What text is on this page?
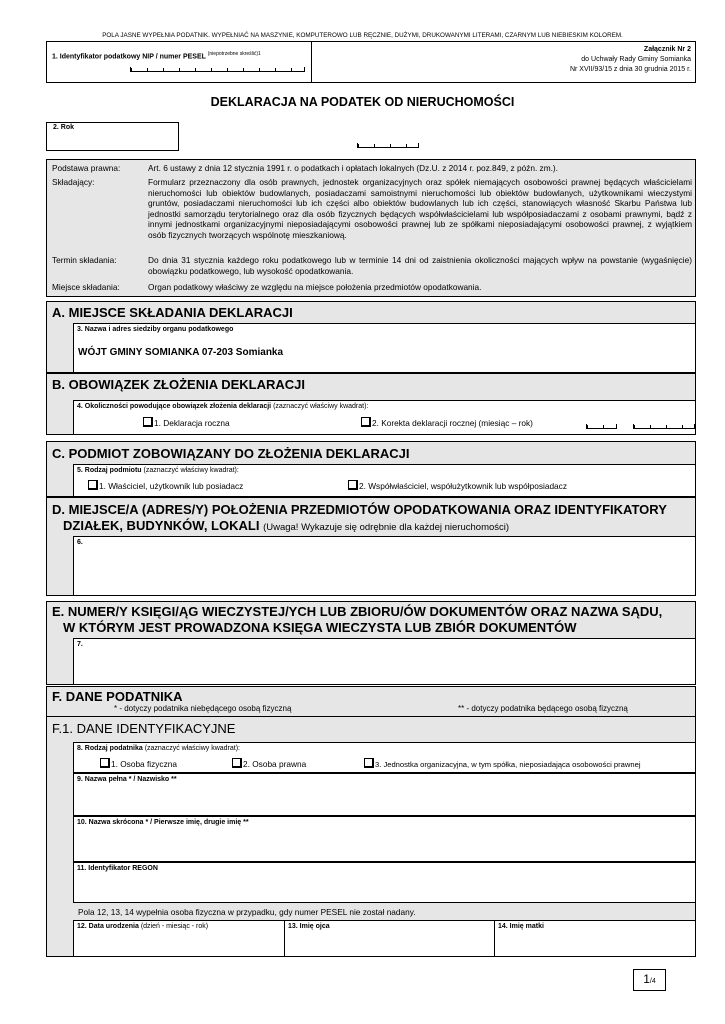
POLA JASNE WYPEŁNIA PODATNIK. WYPEŁNIAĆ NA MASZYNIE, KOMPUTEROWO LUB RĘCZNIE, DUŻYMI, DRUKOWANYMI LITERAMI, CZARNYM LUB NIEBIESKIM KOLOREM.
1. Identyfikator podatkowy NIP / numer PESEL $^{(niepotrzebne skreślić)1}$
Załącznik Nr 2
do Uchwały Rady Gminy Somianka
Nr XVII/93/15 z dnia 30 grudnia 2015 r.
DEKLARACJA NA PODATEK OD NIERUCHOMOŚCI
2. Rok
Podstawa prawna:	Art. 6 ustawy z dnia 12 stycznia 1991 r. o podatkach i opłatach lokalnych (Dz.U. z 2014 r. poz.849, z późn. zm.).
Składający:	Formularz przeznaczony dla osób prawnych, jednostek organizacyjnych oraz spółek niemających osobowości prawnej będących właścicielami nieruchomości lub obiektów budowlanych, posiadaczami samoistnymi nieruchomości lub obiektów budowlanych, użytkownikami wieczystymi gruntów, posiadaczami nieruchomości lub ich części albo obiektów budowlanych lub ich części, stanowiących własność Skarbu Państwa lub jednostki samorządu terytorialnego oraz dla osób fizycznych będących współwłaścicielami lub współposiadaczami z osobami prawnymi, bądź z innymi jednostkami organizacyjnymi nieposiadającymi osobowości prawnej lub ze spółkami nieposiadającymi osobowości prawnej, z wyjątkiem osób fizycznych tworzących wspólnotę mieszkaniową.
Termin składania:	Do dnia 31 stycznia każdego roku podatkowego lub w terminie 14 dni od zaistnienia okoliczności mających wpływ na powstanie (wygaśnięcie) obowiązku podatkowego, lub wysokość opodatkowania.
Miejsce składania:	Organ podatkowy właściwy ze względu na miejsce położenia przedmiotów opodatkowania.
A. MIEJSCE SKŁADANIA DEKLARACJI
3. Nazwa i adres siedziby organu podatkowego
WÓJT GMINY SOMIANKA 07-203 Somianka
B. OBOWIĄZEK ZŁOŻENIA DEKLARACJI
4. Okoliczności powodujące obowiązek złożenia deklaracji (zaznaczyć właściwy kwadrat):
1. Deklaracja roczna	2. Korekta deklaracji rocznej (miesiąc – rok)
C. PODMIOT ZOBOWIĄZANY DO ZŁOŻENIA DEKLARACJI
5. Rodzaj podmiotu (zaznaczyć właściwy kwadrat):
1. Właściciel, użytkownik lub posiadacz	2. Współwłaściciel, współużytkownik lub współposiadacz
D. MIEJSCE/A (ADRES/Y) POŁOŻENIA PRZEDMIOTÓW OPODATKOWANIA ORAZ IDENTYFIKATORY
DZIAŁEK, BUDYNKÓW, LOKALI (Uwaga! Wykazuje się odrębnie dla każdej nieruchomości)
6.
E. NUMER/Y KSIĘGI/ĄG WIECZYSTEJ/YCH LUB ZBIORU/ÓW DOKUMENTÓW ORAZ NAZWA SĄDU,
W KTÓRYM JEST PROWADZONA KSIĘGA WIECZYSTA LUB ZBIÓR DOKUMENTÓW
7.
F. DANE PODATNIKA
* - dotyczy podatnika niebędącego osobą fizyczną	** - dotyczy podatnika będącego osobą fizyczną
F.1. DANE IDENTYFIKACYJNE
8. Rodzaj podatnika (zaznaczyć właściwy kwadrat):
1. Osoba fizyczna	2. Osoba prawna	3. Jednostka organizacyjna, w tym spółka, nieposiadająca osobowości prawnej
9. Nazwa pełna * / Nazwisko **
10. Nazwa skrócona * / Pierwsze imię, drugie imię **
11. Identyfikator REGON
Pola 12, 13, 14 wypełnia osoba fizyczna w przypadku, gdy numer PESEL nie został nadany.
12. Data urodzenia (dzień - miesiąc - rok)	13. Imię ojca	14. Imię matki
1/4
